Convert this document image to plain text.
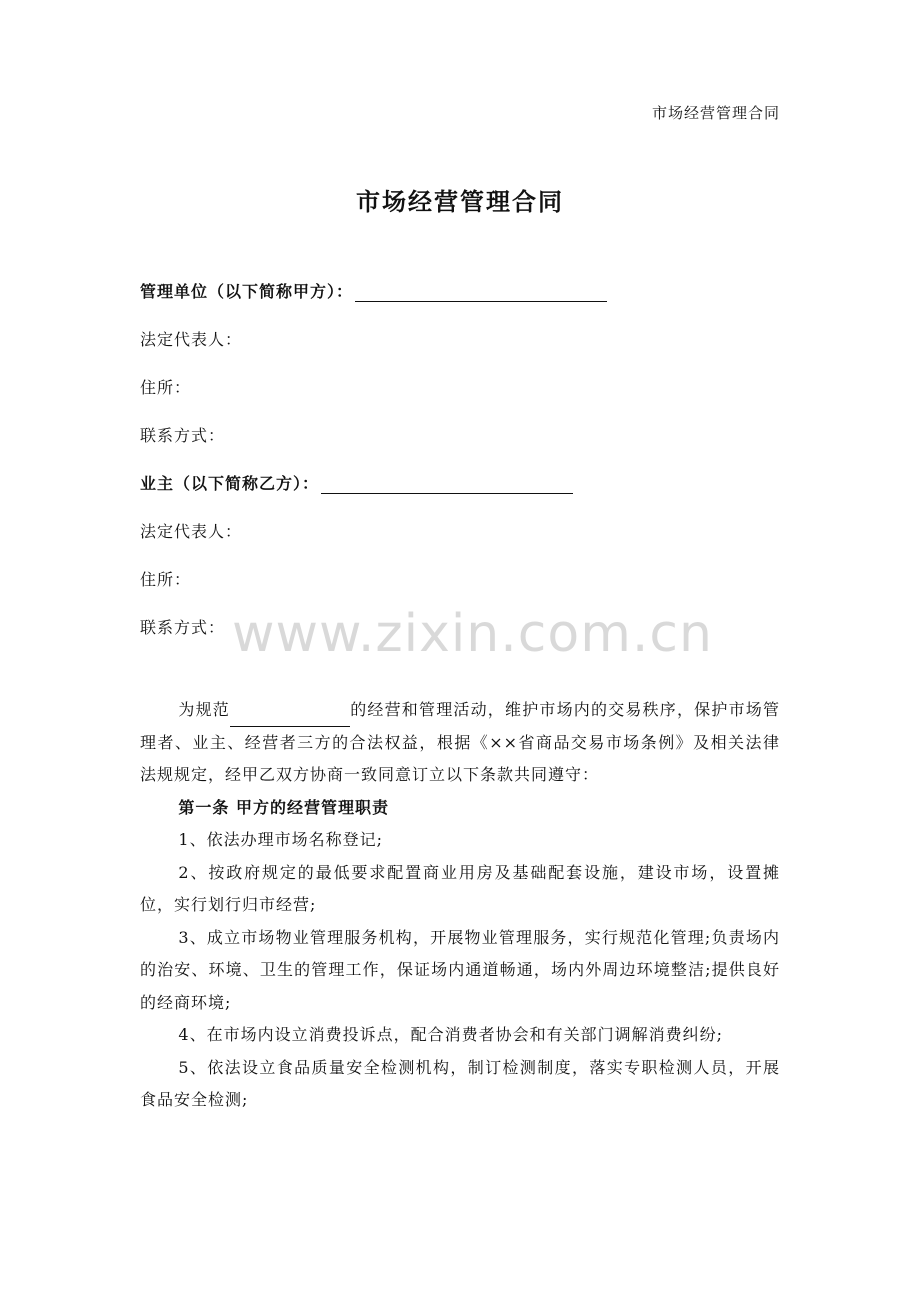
市场经营管理合同
市场经营管理合同
管理单位（以下简称甲方）：
法定代表人：
住所：
联系方式：
业主（以下简称乙方）：
法定代表人：
住所：
联系方式： www.zixin.com.cn

为规范	的经营和管理活动，维护市场内的交易秩序，保护市场管理者、业主、经营者三方的合法权益，根据《××省商品交易市场条例》及相关法律法规规定，经甲乙双方协商一致同意订立以下条款共同遵守：

第一条 甲方的经营管理职责

1、依法办理市场名称登记;

2、按政府规定的最低要求配置商业用房及基础配套设施，建设市场，设置摊位，实行划行归市经营;

3、成立市场物业管理服务机构，开展物业管理服务，实行规范化管理;负责场内的治安、环境、卫生的管理工作，保证场内通道畅通，场内外周边环境整洁;提供良好的经商环境;

4、在市场内设立消费投诉点，配合消费者协会和有关部门调解消费纠纷;

5、依法设立食品质量安全检测机构，制订检测制度，落实专职检测人员，开展食品安全检测;
